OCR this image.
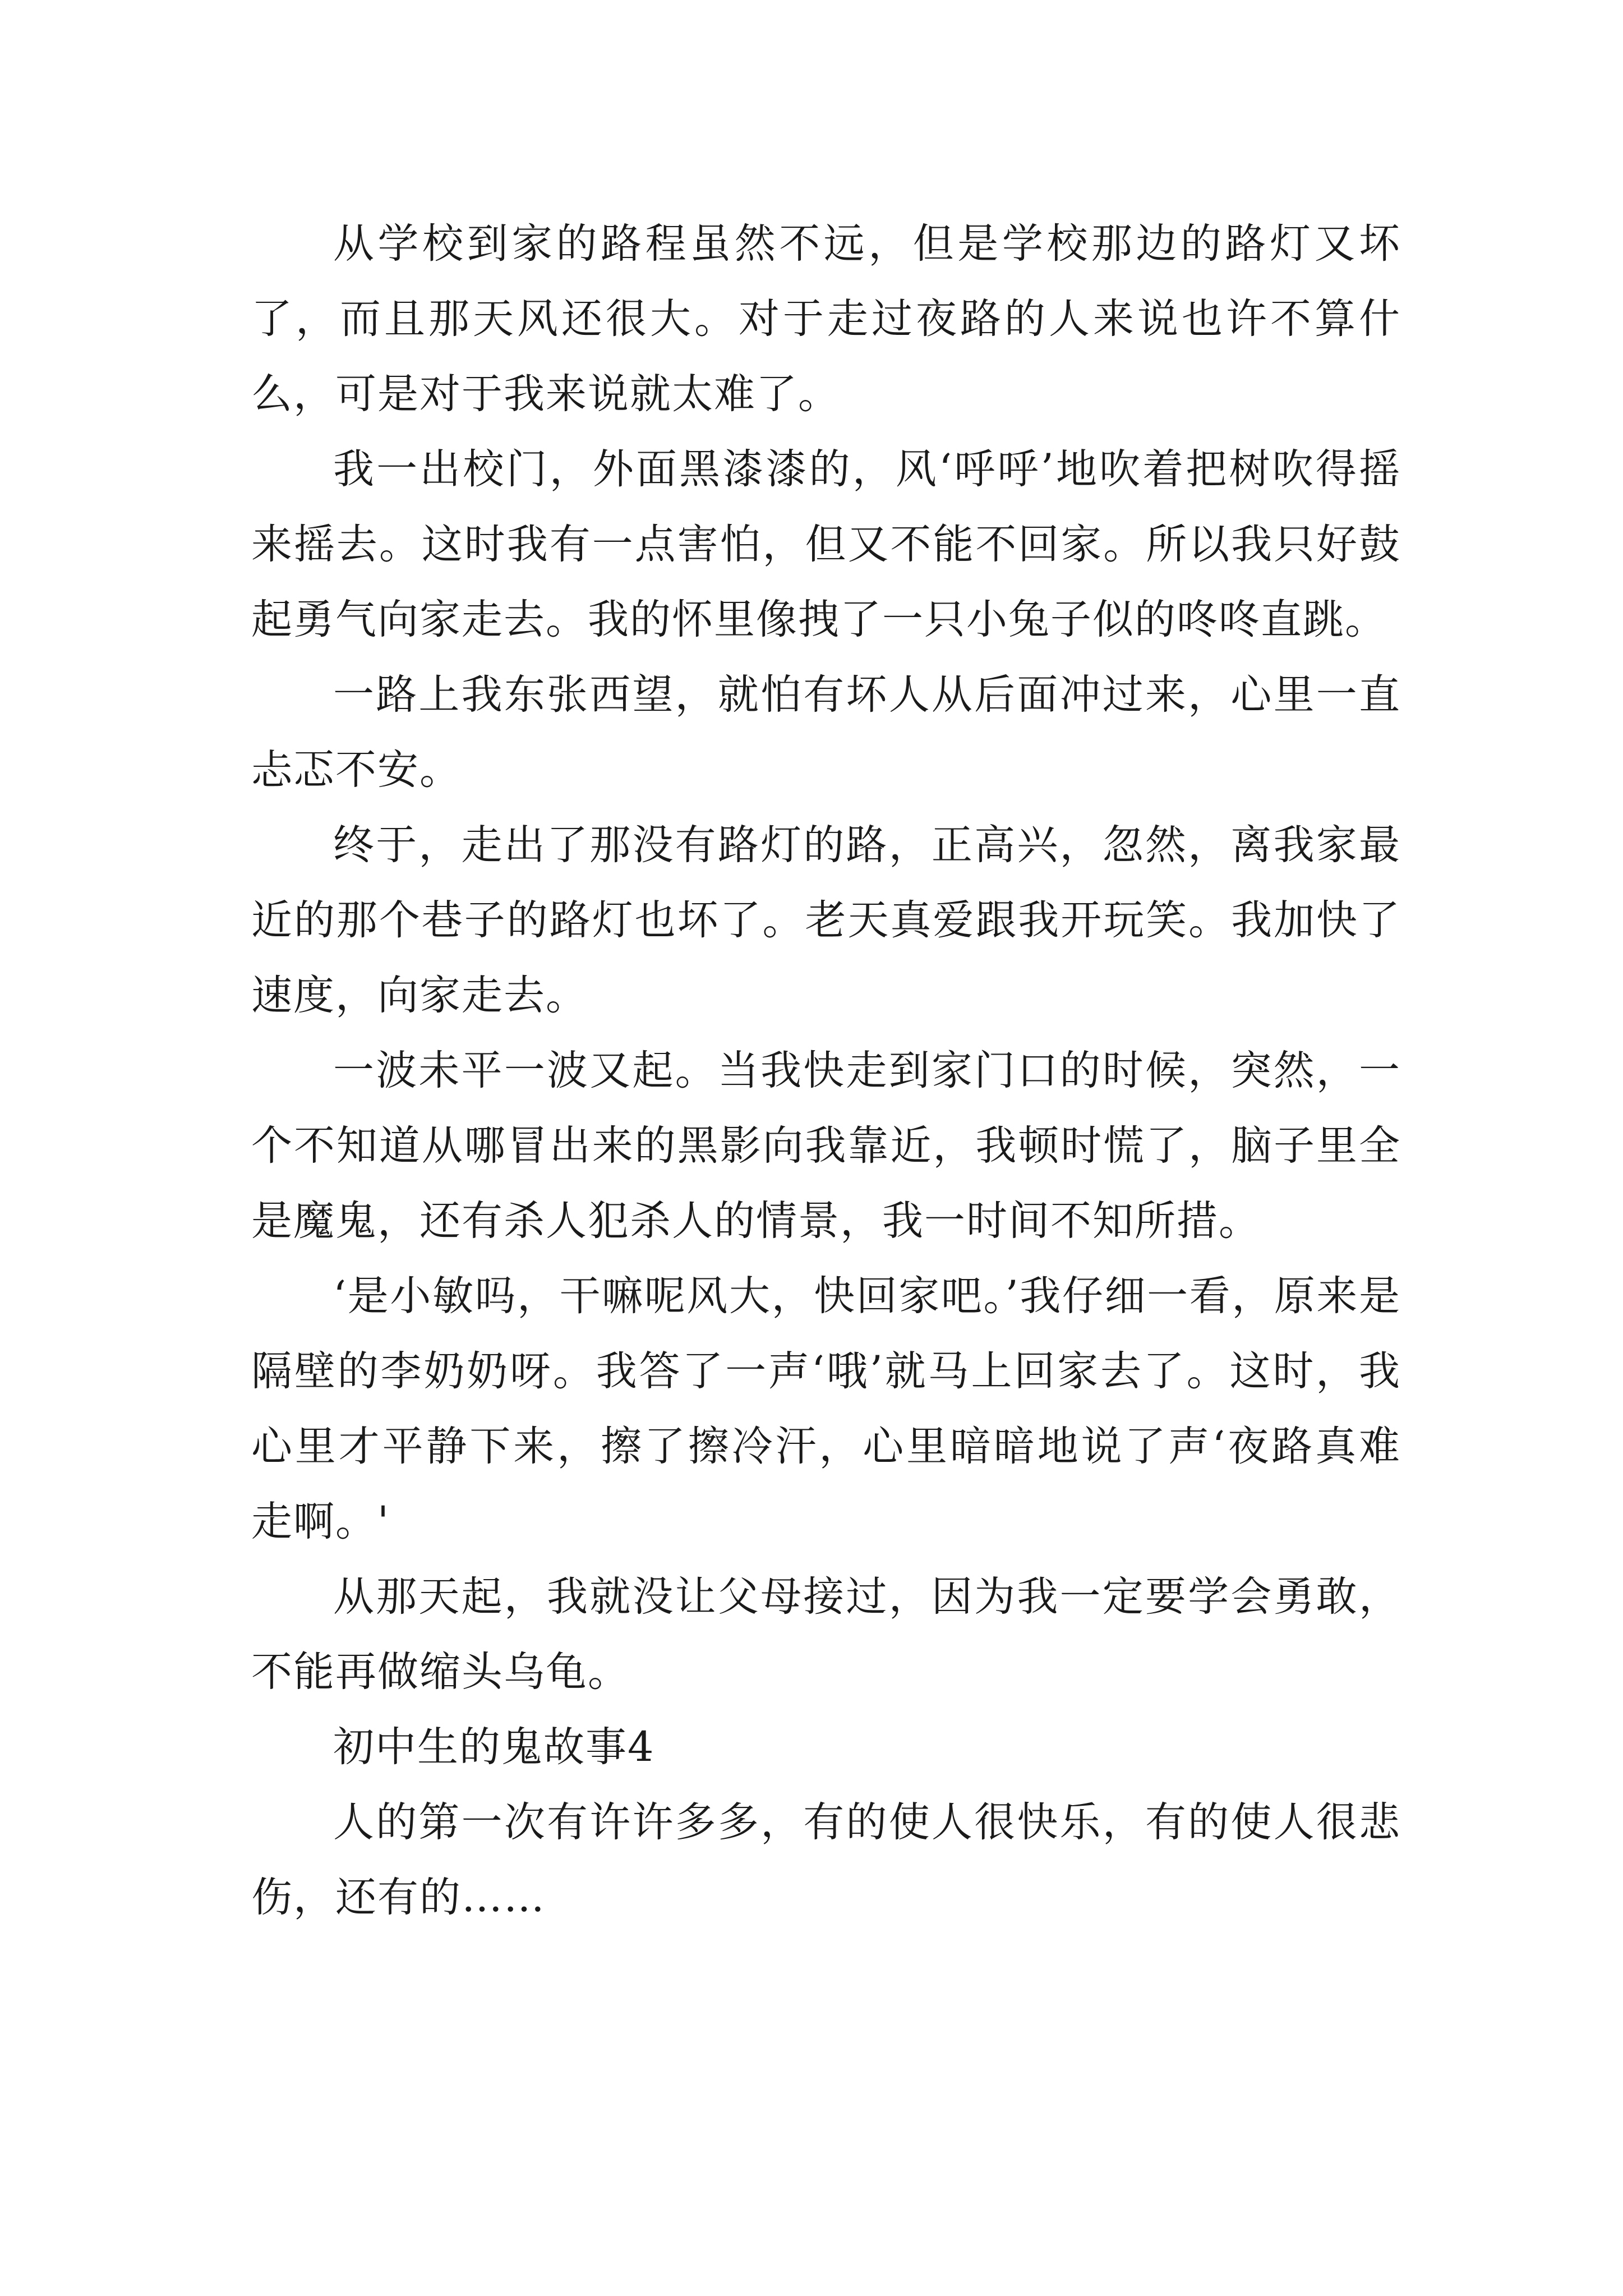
从学校到家的路程虽然不远，但是学校那边的路灯又坏了，而且那天风还很大。对于走过夜路的人来说也许不算什么，可是对于我来说就太难了。

我一出校门，外面黑漆漆的，风‘呼呼’地吹着把树吹得摇来摇去。这时我有一点害怕，但又不能不回家。所以我只好鼓起勇气向家走去。我的怀里像拽了一只小兔子似的咚咚直跳。

一路上我东张西望，就怕有坏人从后面冲过来，心里一直忐忑不安。

终于，走出了那没有路灯的路，正高兴，忽然，离我家最近的那个巷子的路灯也坏了。老天真爱跟我开玩笑。我加快了速度，向家走去。

一波未平一波又起。当我快走到家门口的时候，突然，一个不知道从哪冒出来的黑影向我靠近，我顿时慌了，脑子里全是魔鬼，还有杀人犯杀人的情景，我一时间不知所措。

‘是小敏吗，干嘛呢风大，快回家吧。’我仔细一看，原来是隔壁的李奶奶呀。我答了一声‘哦’就马上回家去了。这时，我心里才平静下来，擦了擦冷汗，心里暗暗地说了声‘夜路真难走啊。'

从那天起，我就没让父母接过，因为我一定要学会勇敢，不能再做缩头乌龟。

初中生的鬼故事4

人的第一次有许许多多，有的使人很快乐，有的使人很悲伤，还有的……
